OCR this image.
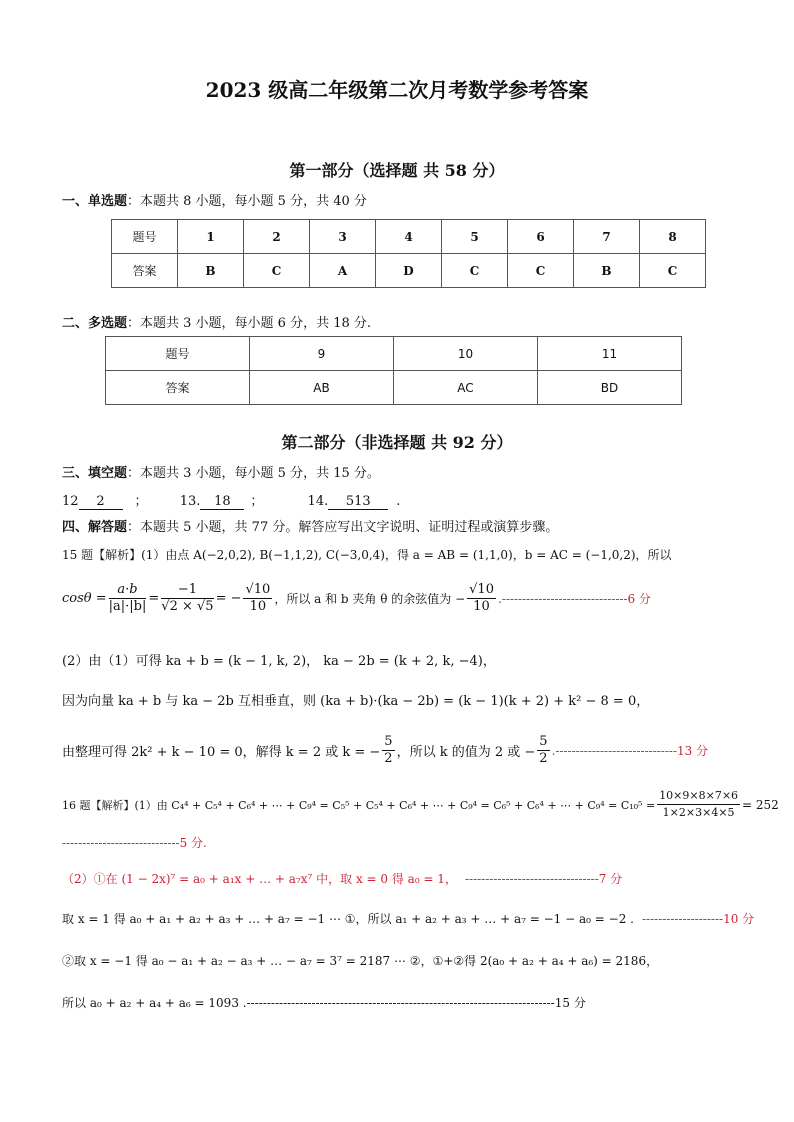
2023 级高二年级第二次月考数学参考答案
第一部分（选择题 共 58 分）
一、单选题：本题共 8 小题，每小题 5 分，共 40 分
题号	1	2	3	4	5	6	7	8
答案	B	C	A	D	C	C	B	C
二、多选题：本题共 3 小题，每小题 6 分，共 18 分.
题号	9	10	11
答案	AB	AC	BD
第二部分（非选择题 共 92 分）
三、填空题：本题共 3 小题，每小题 5 分，共 15 分。
12 2 ； 13. 18 ；	14. 513 .
四、解答题：本题共 5 小题，共 77 分。解答应写出文字说明、证明过程或演算步骤。
15 题【解析】(1）由点 A(−2,0,2), B(−1,1,2), C(−3,0,4)，得 a = AB = (1,1,0)，b = AC = (−1,0,2)，所以
$\cos\theta = \frac{a\cdot b}{|a|\cdot|b|} = \frac{-1}{√2 \times √5}$ = − $\frac{√10}{10}$ ，所以 a 和 b 夹角 θ 的余弦值为 − $\frac{√10}{10} .-------------------------------6$ 分
(2）由（1）可得 ka + b = (k − 1, k, 2)， ka − 2b = (k + 2, k, −4)，
因为向量 ka + b 与 ka − 2b 互相垂直，则 (ka + b)·(ka − 2b) = (k − 1)(k + 2) + k² − 8 = 0，
由整理可得 2k² + k − 10 = 0，解得 k = 2 或 k = − $\frac{5}{2}$ ，所以 k 的值为 2 或 − $\frac{5}{2} .------------------------------13$ 分
16 题【解析】(1）由 C₄⁴ + C₅⁴ + C₆⁴ + ⋯ + C₉⁴ = C₅⁵ + C₅⁴ + C₆⁴ + ⋯ + C₉⁴ = C₆⁵ + C₆⁴ + ⋯ + $C_9^4 = C_{10}^5 = \frac{10\times 9\times 8\times 7\times 6}{1\times 2\times 3\times 4\times 5} = 252$
-----------------------------5 分.
（2）①在 (1 − 2x)⁷ = a₀ + a₁x + … + a₇x⁷ 中，取 x = 0 得 a₀ = 1， ---------------------------------7 分
取 x = 1 得 a₀ + a₁ + a₂ + a₃ + … + a₇ = −1 ⋯ ①，所以 a₁ + a₂ + a₃ + … + a₇ = −1 − a₀ = −2 . --------------------10 分
②取 x = −1 得 a₀ − a₁ + a₂ − a₃ + … − a₇ = 3⁷ = 2187 ⋯ ②，①+②得 2(a₀ + a₂ + a₄ + a₆) = 2186，
所以 a₀ + a₂ + a₄ + a₆ = 1093 .----------------------------------------------------------------------------15 分
